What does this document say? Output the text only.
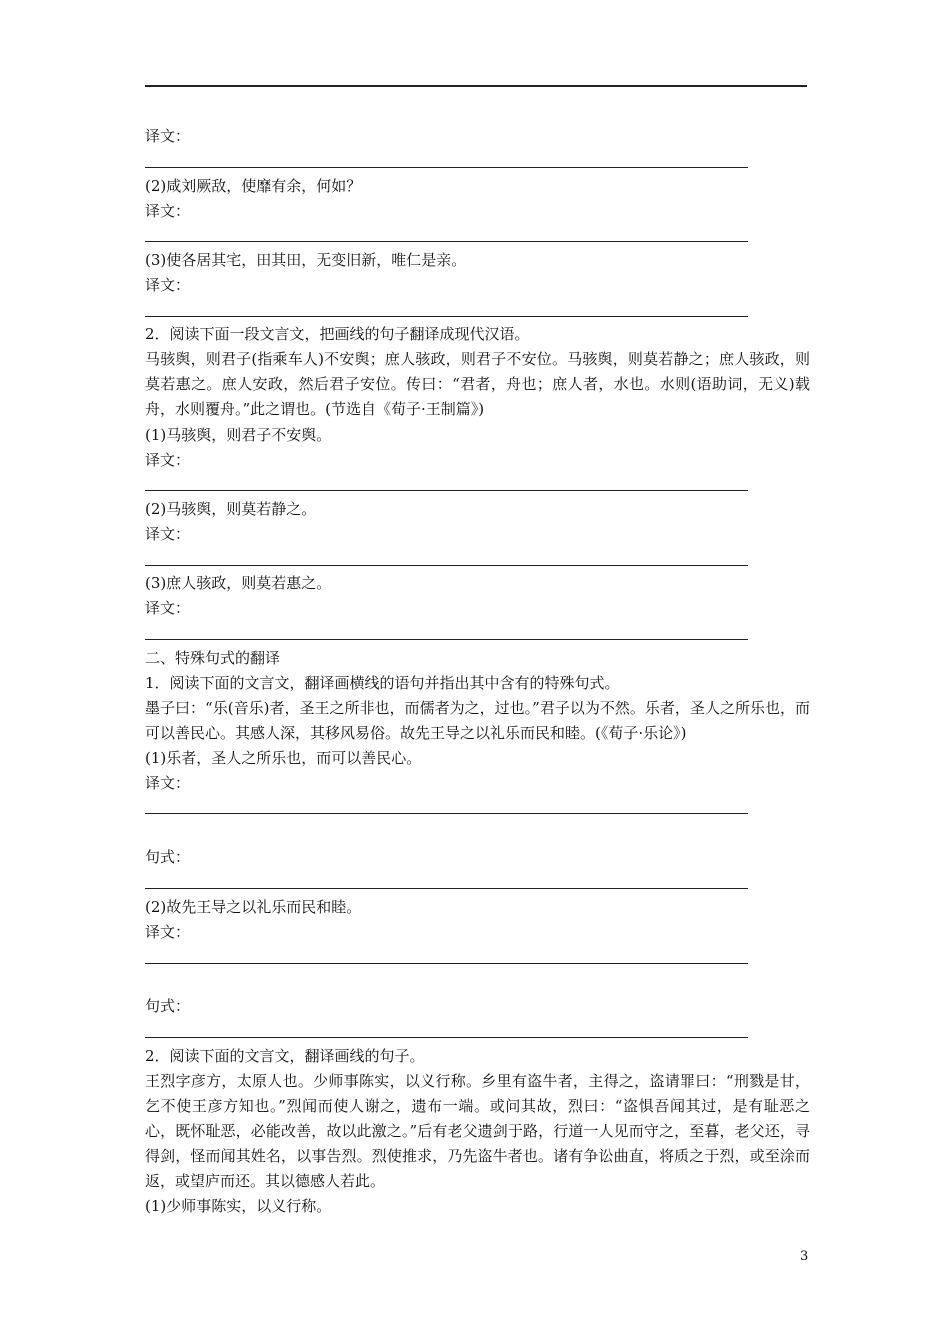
译文：
(2)咸刘厥敌，使靡有余，何如？
译文：
(3)使各居其宅，田其田，无变旧新，唯仁是亲。
译文：
2．阅读下面一段文言文，把画线的句子翻译成现代汉语。
马骇舆，则君子(指乘车人)不安舆；庶人骇政，则君子不安位。马骇舆，则莫若静之；庶人骇政，则莫若惠之。庶人安政，然后君子安位。传曰：“君者，舟也；庶人者，水也。水则(语助词，无义)载舟，水则覆舟。”此之谓也。(节选自《荀子·王制篇》)
(1)马骇舆，则君子不安舆。
译文：
(2)马骇舆，则莫若静之。
译文：
(3)庶人骇政，则莫若惠之。
译文：
二、特殊句式的翻译
1．阅读下面的文言文，翻译画横线的语句并指出其中含有的特殊句式。
墨子曰：“乐(音乐)者，圣王之所非也，而儒者为之，过也。”君子以为不然。乐者，圣人之所乐也，而可以善民心。其感人深，其移风易俗。故先王导之以礼乐而民和睦。(《荀子·乐论》)
(1)乐者，圣人之所乐也，而可以善民心。
译文：
句式：
(2)故先王导之以礼乐而民和睦。
译文：
句式：
2．阅读下面的文言文，翻译画线的句子。
王烈字彦方，太原人也。少师事陈实，以义行称。乡里有盗牛者，主得之，盗请罪曰：“刑戮是甘，乞不使王彦方知也。”烈闻而使人谢之，遗布一端。或问其故，烈曰：“盗惧吾闻其过，是有耻恶之心，既怀耻恶，必能改善，故以此激之。”后有老父遗剑于路，行道一人见而守之，至暮，老父还，寻得剑，怪而闻其姓名，以事告烈。烈使推求，乃先盗牛者也。诸有争讼曲直，将质之于烈，或至涂而返，或望庐而还。其以德感人若此。
(1)少师事陈实，以义行称。
3
